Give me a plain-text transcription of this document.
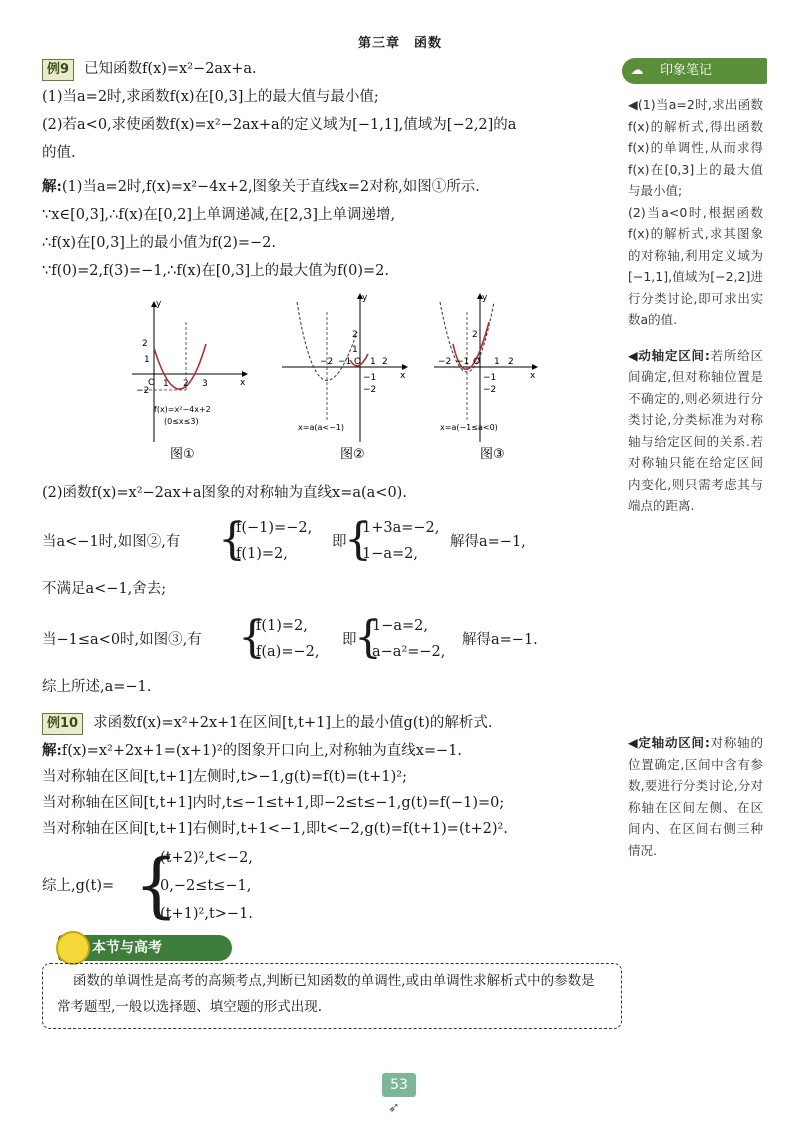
第三章　函数
例9 已知函数f(x)=x²−2ax+a.
(1)当a=2时,求函数f(x)在[0,3]上的最大值与最小值;
(2)若a<0,求使函数f(x)=x²−2ax+a的定义域为[−1,1],值域为[−2,2]的a
的值.
解:(1)当a=2时,f(x)=x²−4x+2,图象关于直线x=2对称,如图①所示.
∵x∈[0,3],∴f(x)在[0,2]上单调递减,在[2,3]上单调递增,
∴f(x)在[0,3]上的最小值为f(2)=−2.
∵f(0)=2,f(3)=−1,∴f(x)在[0,3]上的最大值为f(0)=2.
y
x
2
1
−2
O 1 2 3
f(x)=x²−4x+2
(0≤x≤3)
y
x
2
1
−1
−2
−2 −1 O 1 2
x=a(a<−1)
y
x
2
−1
−2
−2 −1 O 1 2
x=a(−1≤a<0)
图①	图②	图③
(2)函数f(x)=x²−2ax+a图象的对称轴为直线x=a(a<0).
当a<−1时,如图②,有 {
f(−1)=−2,
f(1)=2,
即
{
1+3a=−2,
1−a=2,
解得a=−1,
不满足a<−1,舍去;
当−1≤a<0时,如图③,有 {
f(1)=2,
f(a)=−2,
即
{
1−a=2,
a−a²=−2,
解得a=−1.
综上所述,a=−1.
例10 求函数f(x)=x²+2x+1在区间[t,t+1]上的最小值g(t)的解析式.
解:f(x)=x²+2x+1=(x+1)²的图象开口向上,对称轴为直线x=−1.
当对称轴在区间[t,t+1]左侧时,t>−1,g(t)=f(t)=(t+1)²;
当对称轴在区间[t,t+1]内时,t≤−1≤t+1,即−2≤t≤−1,g(t)=f(−1)=0;
当对称轴在区间[t,t+1]右侧时,t+1<−1,即t<−2,g(t)=f(t+1)=(t+2)².
综上,g(t)= {
(t+2)²,t<−2,
0,−2≤t≤−1,
(t+1)²,t>−1.
☁ 印象笔记

◀(1)当a=2时,求出函数f(x)的解析式,得出函数f(x)的单调性,从而求得f(x)在[0,3]上的最大值与最小值;

(2)当a<0时,根据函数f(x)的解析式,求其图象的对称轴,利用定义域为[−1,1],值域为[−2,2]进行分类讨论,即可求出实数a的值.

◀动轴定区间:若所给区间确定,但对称轴位置是不确定的,则必须进行分类讨论,分类标准为对称轴与给定区间的关系.若对称轴只能在给定区间内变化,则只需考虑其与端点的距离.

◀定轴动区间:对称轴的位置确定,区间中含有参数,要进行分类讨论,分对称轴在区间左侧、在区间内、在区间右侧三种情况.

本节与高考
函数的单调性是高考的高频考点,判断已知函数的单调性,或由单调性求解析式中的参数是常考题型,一般以选择题、填空题的形式出现.
53
➶
